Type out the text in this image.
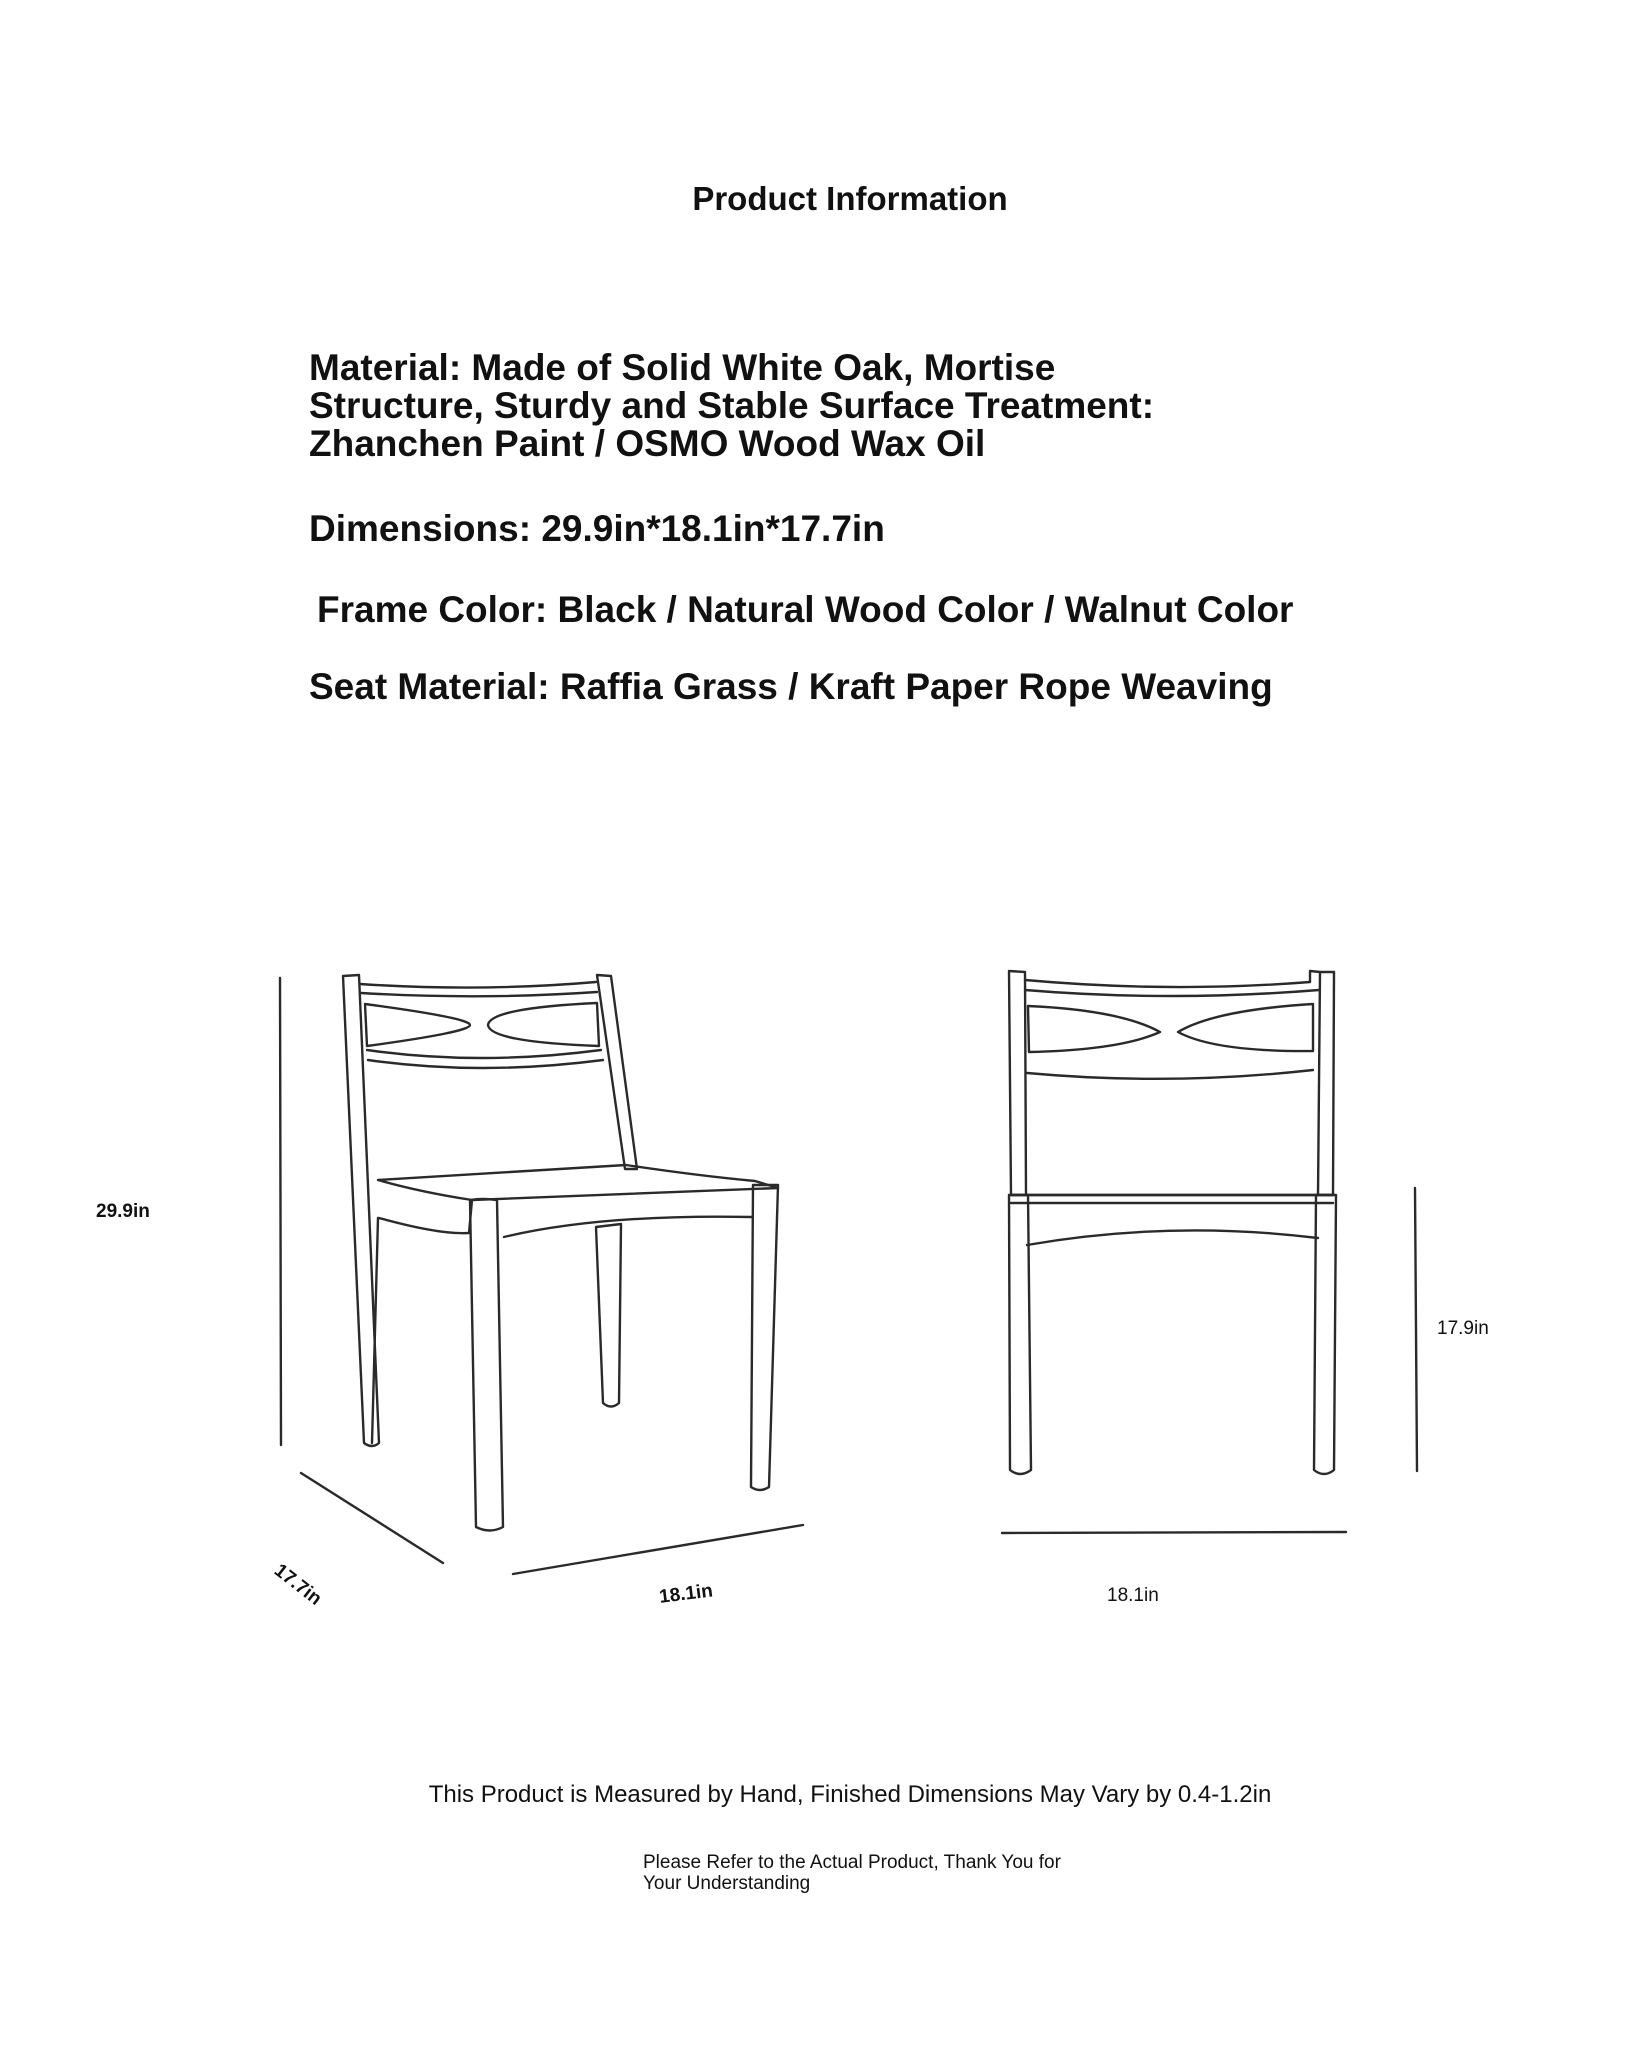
Product Information
Material: Made of Solid White Oak, Mortise Structure, Sturdy and Stable Surface Treatment: Zhanchen Paint / OSMO Wood Wax Oil
Dimensions: 29.9in*18.1in*17.7in
Frame Color: Black / Natural Wood Color / Walnut Color
Seat Material: Raffia Grass / Kraft Paper Rope Weaving
29.9in
17.7in	18.1in	18.1in
17.9in
This Product is Measured by Hand, Finished Dimensions May Vary by 0.4-1.2in
Please Refer to the Actual Product, Thank You for Your Understanding
